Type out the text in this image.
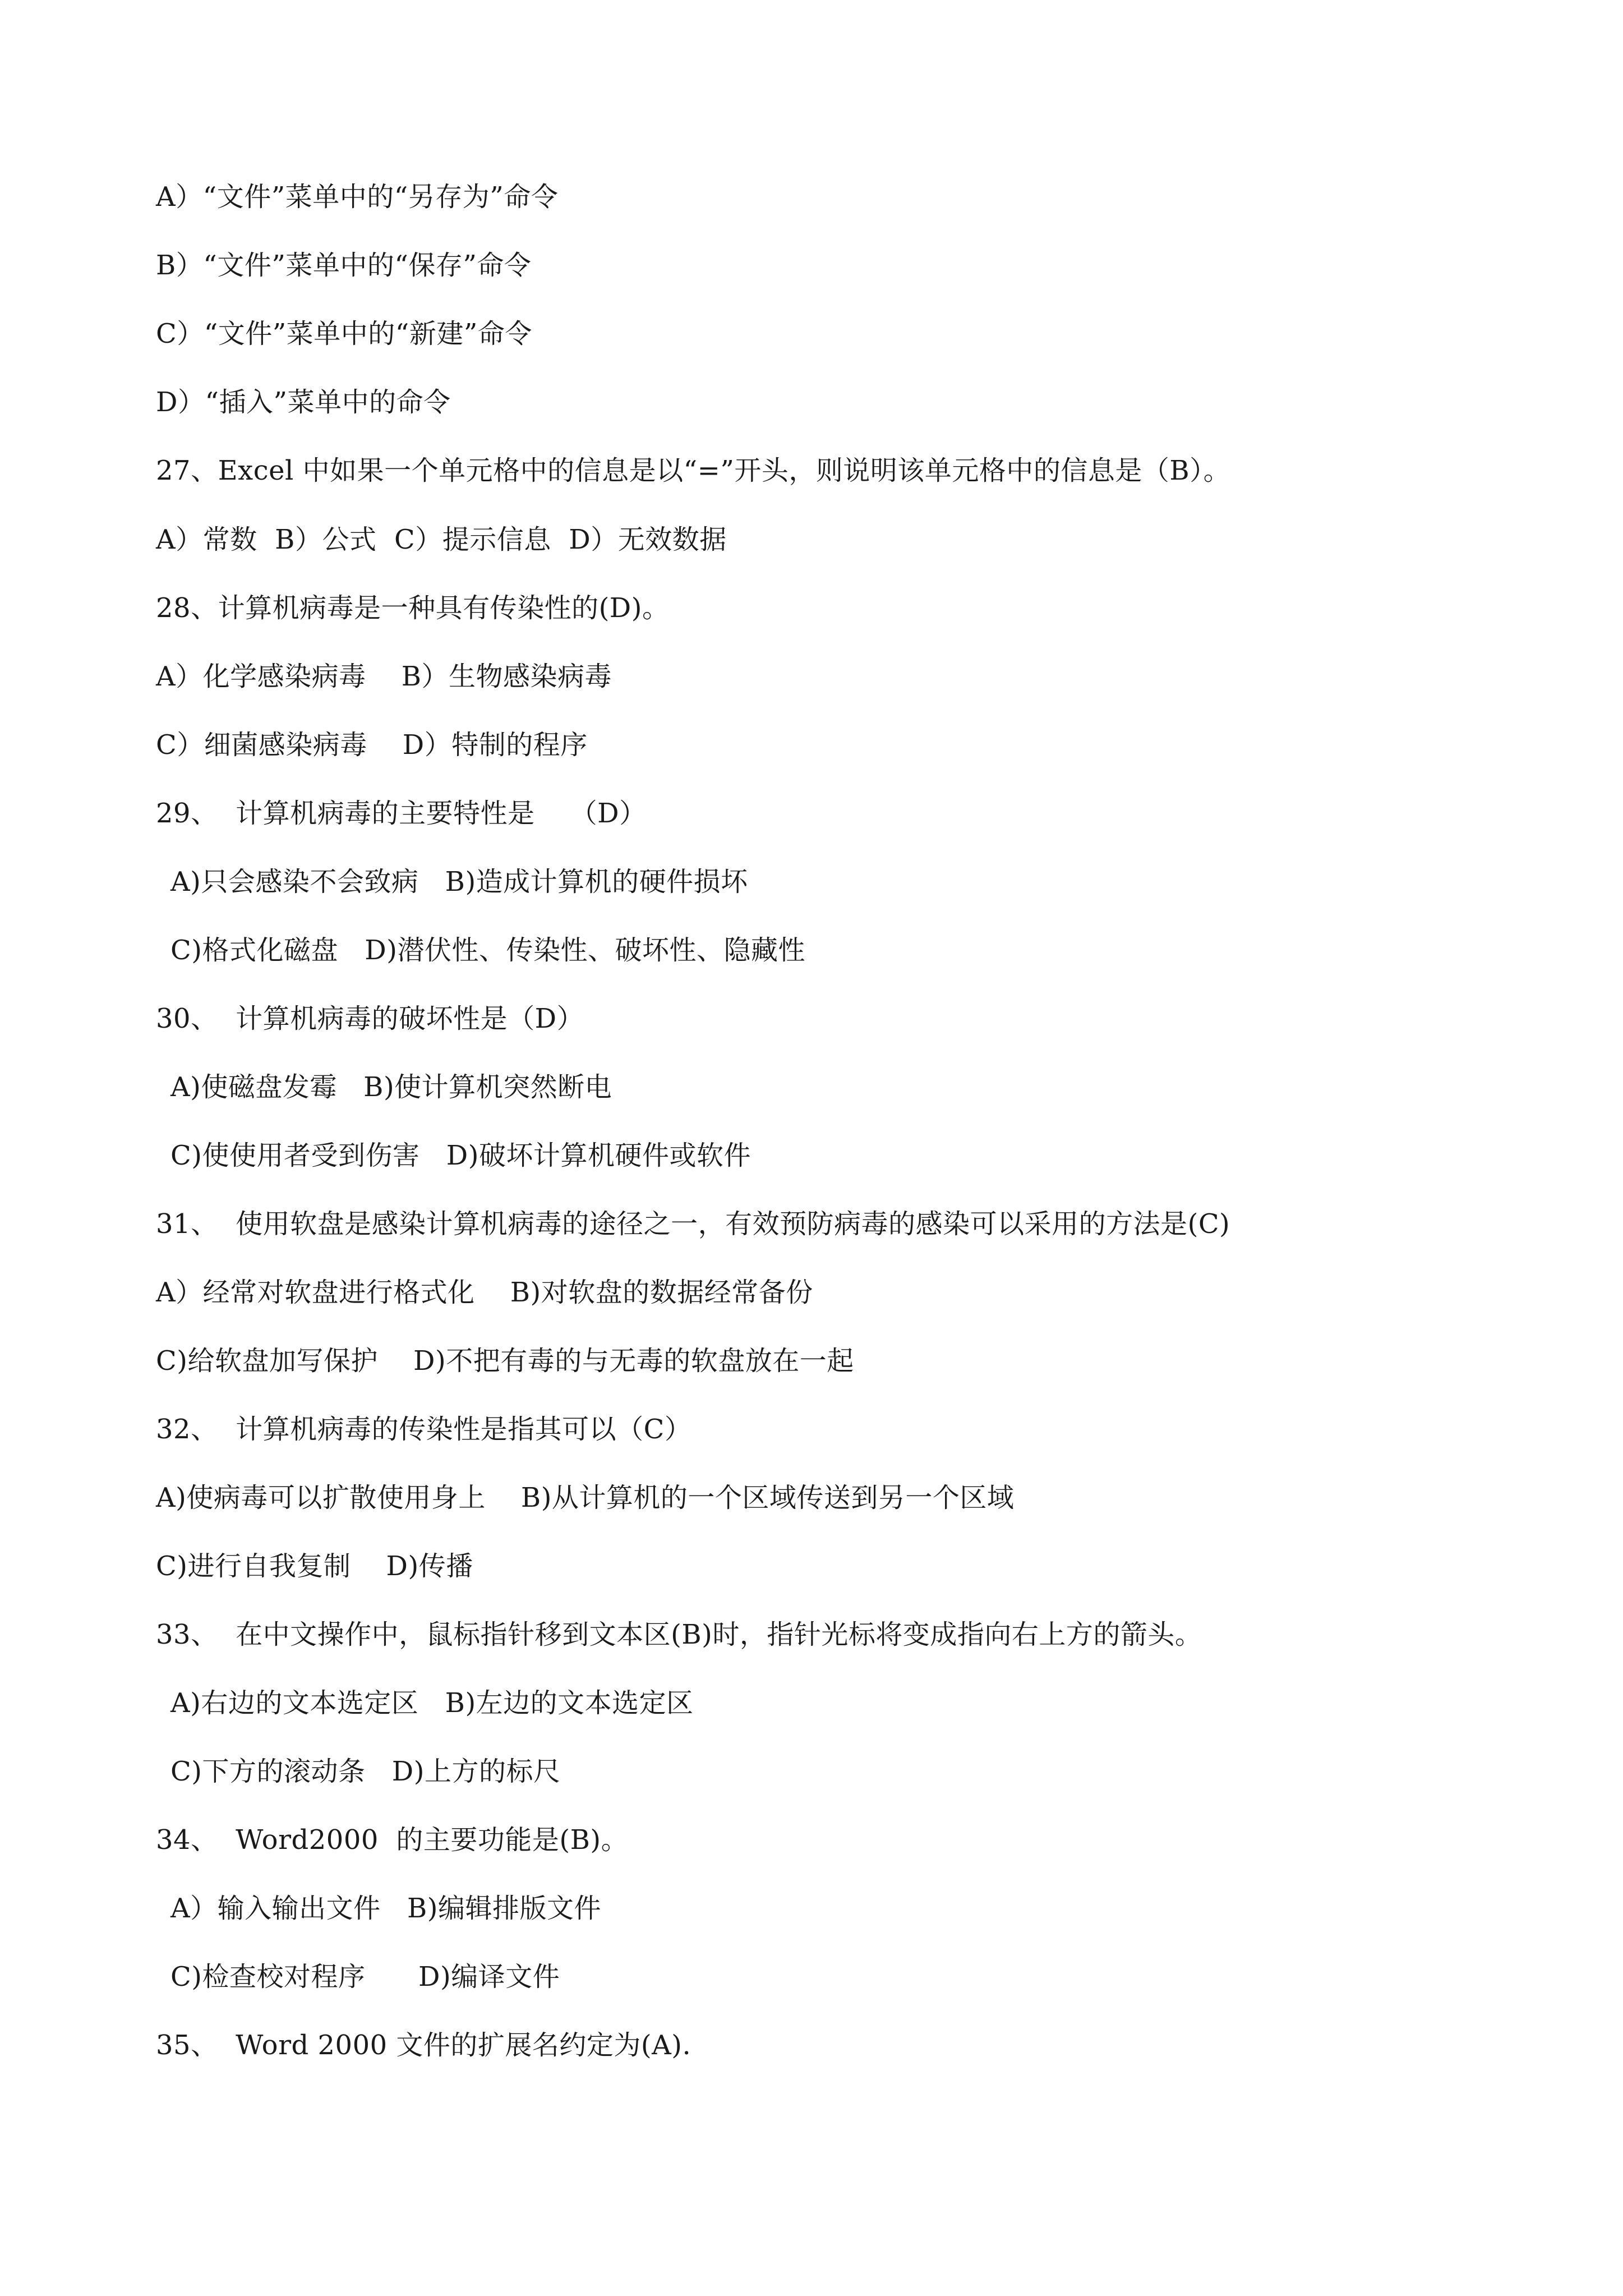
A）“文件”菜单中的“另存为”命令
B）“文件”菜单中的“保存”命令
C）“文件”菜单中的“新建”命令
D）“插入”菜单中的命令
27、Excel 中如果一个单元格中的信息是以“=”开头，则说明该单元格中的信息是（B）。
A）常数  B）公式  C）提示信息  D）无效数据
28、计算机病毒是一种具有传染性的(D)。
A）化学感染病毒    B）生物感染病毒
C）细菌感染病毒    D）特制的程序
29、  计算机病毒的主要特性是    （D）
A)只会感染不会致病   B)造成计算机的硬件损坏
C)格式化磁盘   D)潜伏性、传染性、破坏性、隐藏性
30、  计算机病毒的破坏性是（D）
A)使磁盘发霉   B)使计算机突然断电
C)使使用者受到伤害   D)破坏计算机硬件或软件
31、  使用软盘是感染计算机病毒的途径之一，有效预防病毒的感染可以采用的方法是(C)
A）经常对软盘进行格式化    B)对软盘的数据经常备份
C)给软盘加写保护    D)不把有毒的与无毒的软盘放在一起
32、  计算机病毒的传染性是指其可以（C）
A)使病毒可以扩散使用身上    B)从计算机的一个区域传送到另一个区域
C)进行自我复制    D)传播
33、  在中文操作中，鼠标指针移到文本区(B)时，指针光标将变成指向右上方的箭头。
A)右边的文本选定区   B)左边的文本选定区
C)下方的滚动条   D)上方的标尺
34、  Word2000  的主要功能是(B)。
A）输入输出文件   B)编辑排版文件
C)检查校对程序      D)编译文件
35、  Word 2000 文件的扩展名约定为(A).
